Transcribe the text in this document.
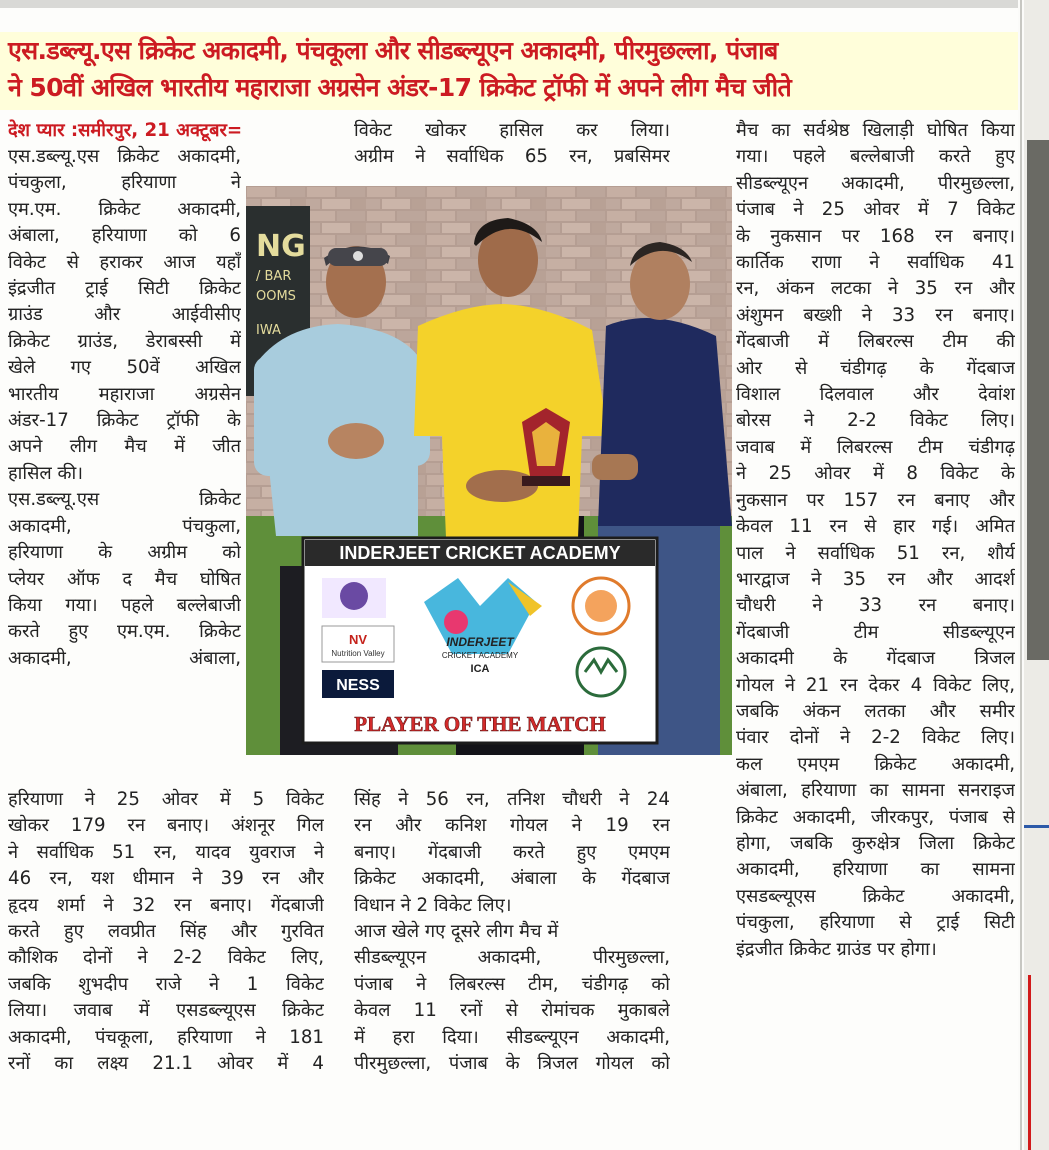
एस.डब्ल्यू.एस क्रिकेट अकादमी, पंचकूला और सीडब्ल्यूएन अकादमी, पीरमुछल्ला, पंजाब
ने 50वीं अखिल भारतीय महाराजा अग्रसेन अंडर-17 क्रिकेट ट्रॉफी में अपने लीग मैच जीते

देश प्यार :समीरपुर, 21 अक्टूबर=

एस.डब्ल्यू.एस क्रिकेट अकादमी,

पंचकुला, हरियाणा ने

एम.एम. क्रिकेट अकादमी,

अंबाला, हरियाणा को 6

विकेट से हराकर आज यहाँ

इंद्रजीत ट्राई सिटी क्रिकेट

ग्राउंड और आईवीसीए

क्रिकेट ग्राउंड, डेराबस्सी में

खेले गए 50वें अखिल

भारतीय महाराजा अग्रसेन

अंडर-17 क्रिकेट ट्रॉफी के

अपने लीग मैच में जीत

हासिल की।

एस.डब्ल्यू.एस क्रिकेट

अकादमी, पंचकुला,

हरियाणा के अग्रीम को

प्लेयर ऑफ द मैच घोषित

किया गया। पहले बल्लेबाजी

करते हुए एम.एम. क्रिकेट

अकादमी, अंबाला,

विकेट खोकर हासिल कर लिया।

अग्रीम ने सर्वाधिक 65 रन, प्रबसिमर

सिंह ने 56 रन, तनिश चौधरी ने 24

रन और कनिश गोयल ने 19 रन

बनाए। गेंदबाजी करते हुए एमएम

क्रिकेट अकादमी, अंबाला के गेंदबाज

विधान ने 2 विकेट लिए।

आज खेले गए दूसरे लीग मैच में

सीडब्ल्यूएन अकादमी, पीरमुछल्ला,

पंजाब ने लिबरल्स टीम, चंडीगढ़ को

केवल 11 रनों से रोमांचक मुकाबले

में हरा दिया। सीडब्ल्यूएन अकादमी,

पीरमुछल्ला, पंजाब के त्रिजल गोयल को

मैच का सर्वश्रेष्ठ खिलाड़ी घोषित किया

गया। पहले बल्लेबाजी करते हुए

सीडब्ल्यूएन अकादमी, पीरमुछल्ला,

पंजाब ने 25 ओवर में 7 विकेट

के नुकसान पर 168 रन बनाए।

कार्तिक राणा ने सर्वाधिक 41

रन, अंकन लटका ने 35 रन और

अंशुमन बख्शी ने 33 रन बनाए।

गेंदबाजी में लिबरल्स टीम की

ओर से चंडीगढ़ के गेंदबाज

विशाल दिलवाल और देवांश

बोरस ने 2-2 विकेट लिए।

जवाब में लिबरल्स टीम चंडीगढ़

ने 25 ओवर में 8 विकेट के

नुकसान पर 157 रन बनाए और

केवल 11 रन से हार गई। अमित

पाल ने सर्वाधिक 51 रन, शौर्य

भारद्वाज ने 35 रन और आदर्श

चौधरी ने 33 रन बनाए।

गेंदबाजी टीम सीडब्ल्यूएन

अकादमी के गेंदबाज त्रिजल

गोयल ने 21 रन देकर 4 विकेट लिए,

जबकि अंकन लतका और समीर

पंवार दोनों ने 2-2 विकेट लिए।

कल एमएम क्रिकेट अकादमी,

अंबाला, हरियाणा का सामना सनराइज

क्रिकेट अकादमी, जीरकपुर, पंजाब से

होगा, जबकि कुरुक्षेत्र जिला क्रिकेट

अकादमी, हरियाणा का सामना

एसडब्ल्यूएस क्रिकेट अकादमी,

पंचकुला, हरियाणा से ट्राई सिटी

इंद्रजीत क्रिकेट ग्राउंड पर होगा।

NG
/ BAR
OOMS
IWA
INDERJEET CRICKET ACADEMY
NV
Nutrition Valley
NESS
INDERJEET
CRICKET ACADEMY
ICA
PLAYER OF THE MATCH

हरियाणा ने 25 ओवर में 5 विकेट

खोकर 179 रन बनाए। अंशनूर गिल

ने सर्वाधिक 51 रन, यादव युवराज ने

46 रन, यश धीमान ने 39 रन और

हृदय शर्मा ने 32 रन बनाए। गेंदबाजी

करते हुए लवप्रीत सिंह और गुरवित

कौशिक दोनों ने 2-2 विकेट लिए,

जबकि शुभदीप राजे ने 1 विकेट

लिया। जवाब में एसडब्ल्यूएस क्रिकेट

अकादमी, पंचकूला, हरियाणा ने 181

रनों का लक्ष्य 21.1 ओवर में 4
